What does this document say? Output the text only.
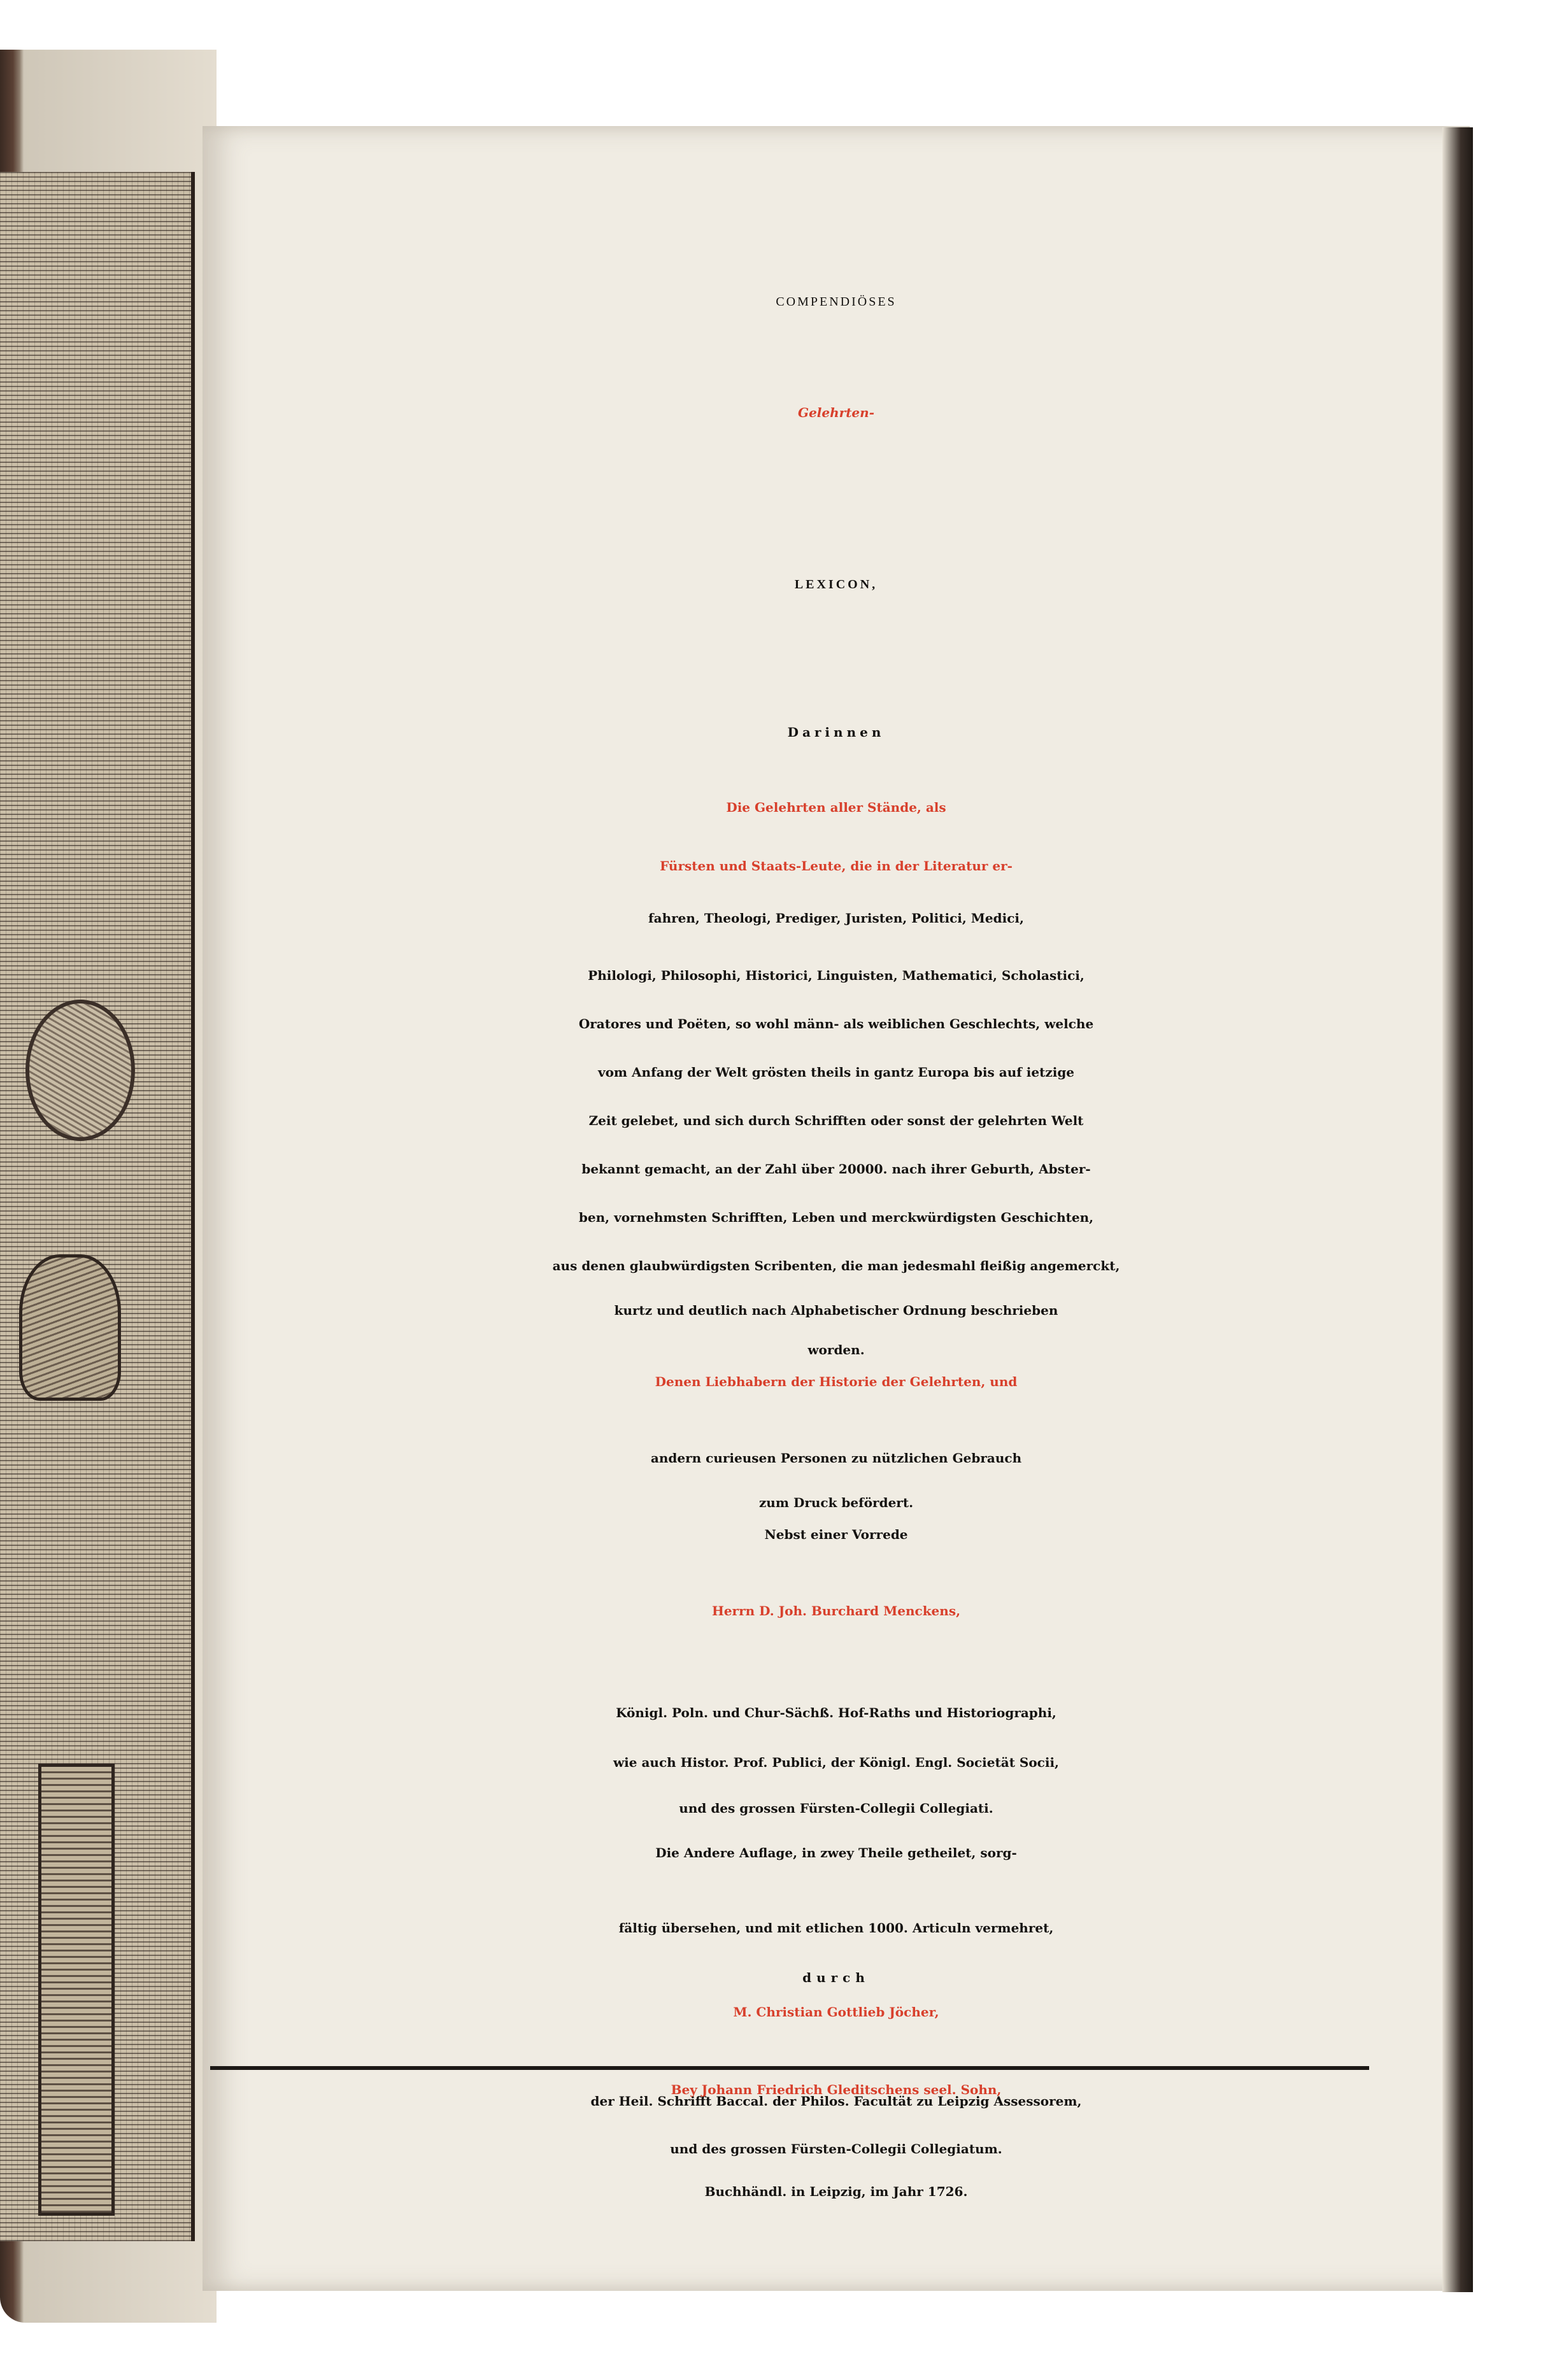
COMPENDIÖSES

Gelehrten-

LEXICON,

Darinnen

Die Gelehrten aller Stände, als

Fürsten und Staats-Leute, die in der Literatur er-

fahren, Theologi, Prediger, Juristen, Politici, Medici,

Philologi, Philosophi, Historici, Linguisten, Mathematici, Scholastici,

Oratores und Poëten, so wohl männ- als weiblichen Geschlechts, welche

vom Anfang der Welt grösten theils in gantz Europa bis auf ietzige

Zeit gelebet, und sich durch Schrifften oder sonst der gelehrten Welt

bekannt gemacht, an der Zahl über 20000. nach ihrer Geburth, Abster-

ben, vornehmsten Schrifften, Leben und merckwürdigsten Geschichten,

aus denen glaubwürdigsten Scribenten, die man jedesmahl fleißig angemerckt,

kurtz und deutlich nach Alphabetischer Ordnung beschrieben

worden.

Denen Liebhabern der Historie der Gelehrten, und

andern curieusen Personen zu nützlichen Gebrauch

zum Druck befördert.

Nebst einer Vorrede

Herrn D. Joh. Burchard Menckens,

Königl. Poln. und Chur-Sächß. Hof-Raths und Historiographi,

wie auch Histor. Prof. Publici, der Königl. Engl. Societät Socii,

und des grossen Fürsten-Collegii Collegiati.

Die Andere Auflage, in zwey Theile getheilet, sorg-

fältig übersehen, und mit etlichen 1000. Articuln vermehret,

durch

M. Christian Gottlieb Jöcher,

der Heil. Schrifft Baccal. der Philos. Facultät zu Leipzig Assessorem,

und des grossen Fürsten-Collegii Collegiatum.

Bey Johann Friedrich Gleditschens seel. Sohn,

Buchhändl. in Leipzig, im Jahr 1726.
